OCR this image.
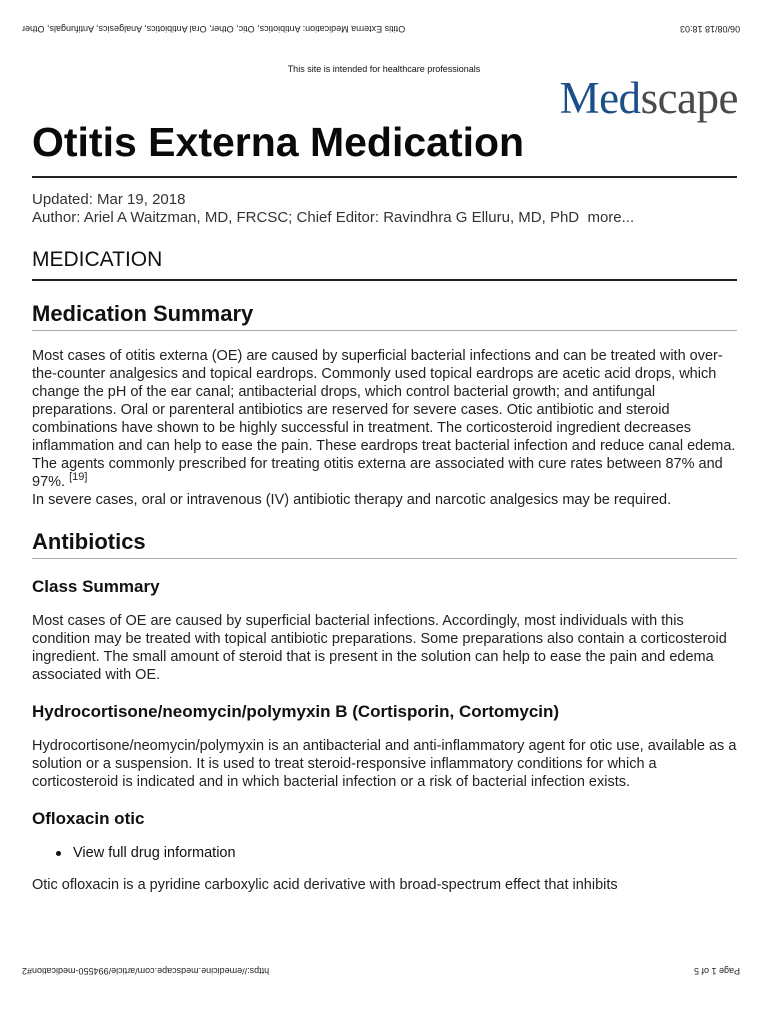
Otitis Externa Medication: Antibiotics, Otic, Other, Oral Antibiotics, Analgesics, Antifungals, Other	06/08/18 18:03
This site is intended for healthcare professionals
Medscape
Otitis Externa Medication
Updated: Mar 19, 2018
Author: Ariel A Waitzman, MD, FRCSC; Chief Editor: Ravindhra G Elluru, MD, PhD more...
MEDICATION
Medication Summary

Most cases of otitis externa (OE) are caused by superficial bacterial infections and can be treated with over-the-counter analgesics and topical eardrops. Commonly used topical eardrops are acetic acid drops, which change the pH of the ear canal; antibacterial drops, which control bacterial growth; and antifungal preparations. Oral or parenteral antibiotics are reserved for severe cases. Otic antibiotic and steroid combinations have shown to be highly successful in treatment. The corticosteroid ingredient decreases inflammation and can help to ease the pain. These eardrops treat bacterial infection and reduce canal edema. The agents commonly prescribed for treating otitis externa are associated with cure rates between 87% and 97%. [19]
In severe cases, oral or intravenous (IV) antibiotic therapy and narcotic analgesics may be required.

Antibiotics
Class Summary

Most cases of OE are caused by superficial bacterial infections. Accordingly, most individuals with this condition may be treated with topical antibiotic preparations. Some preparations also contain a corticosteroid ingredient. The small amount of steroid that is present in the solution can help to ease the pain and edema associated with OE.

Hydrocortisone/neomycin/polymyxin B (Cortisporin, Cortomycin)

Hydrocortisone/neomycin/polymyxin is an antibacterial and anti-inflammatory agent for otic use, available as a solution or a suspension. It is used to treat steroid-responsive inflammatory conditions for which a corticosteroid is indicated and in which bacterial infection or a risk of bacterial infection exists.

Ofloxacin otic
View full drug information

Otic ofloxacin is a pyridine carboxylic acid derivative with broad-spectrum effect that inhibits

https://emedicine.medscape.com/article/994550-medication#2	Page 1 of 5
